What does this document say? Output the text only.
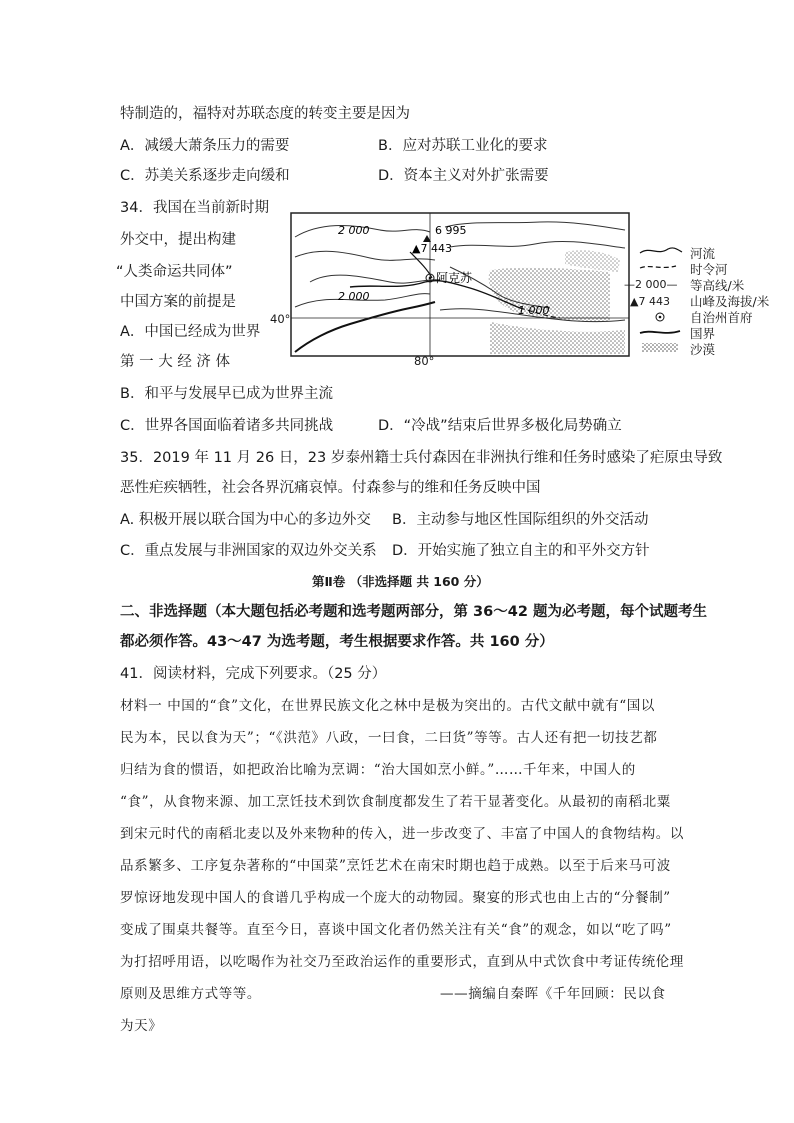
特制造的，福特对苏联态度的转变主要是因为
A．减缓大萧条压力的需要	B．应对苏联工业化的要求
C．苏美关系逐步走向缓和	D．资本主义对外扩张需要
34．我国在当前新时期
外交中，提出构建
“人类命运共同体”
中国方案的前提是
A．中国已经成为世界
第 一 大 经 济 体
6 995
▲7 443
阿克苏
2 000
2 000
1 000
40°
80°
—2 000—
▲7 443
河流
时令河
等高线/米
山峰及海拔/米
自治州首府
国界
沙漠
B．和平与发展早已成为世界主流
C．世界各国面临着诸多共同挑战	D．“冷战”结束后世界多极化局势确立
35．2019 年 11 月 26 日，23 岁泰州籍士兵付森因在非洲执行维和任务时感染了疟原虫导致
恶性疟疾牺牲，社会各界沉痛哀悼。付森参与的维和任务反映中国
A. 积极开展以联合国为中心的多边外交 B．主动参与地区性国际组织的外交活动
C．重点发展与非洲国家的双边外交关系 D．开始实施了独立自主的和平外交方针
第Ⅱ卷 （非选择题 共 160 分）
二、非选择题（本大题包括必考题和选考题两部分，第 36～42 题为必考题，每个试题考生
都必须作答。43～47 为选考题，考生根据要求作答。共 160 分）
41．阅读材料，完成下列要求。（25 分）
材料一 中国的“食”文化，在世界民族文化之林中是极为突出的。古代文献中就有“国以
民为本，民以食为天”；“《洪范》八政，一曰食，二曰货”等等。古人还有把一切技艺都
归结为食的惯语，如把政治比喻为烹调：“治大国如烹小鲜。”……千年来，中国人的
“食”，从食物来源、加工烹饪技术到饮食制度都发生了若干显著变化。从最初的南稻北粟
到宋元时代的南稻北麦以及外来物种的传入，进一步改变了、丰富了中国人的食物结构。以
品系繁多、工序复杂著称的“中国菜”烹饪艺术在南宋时期也趋于成熟。以至于后来马可波
罗惊讶地发现中国人的食谱几乎构成一个庞大的动物园。聚宴的形式也由上古的“分餐制”
变成了围桌共餐等。直至今日，喜谈中国文化者仍然关注有关“食”的观念，如以“吃了吗”
为打招呼用语，以吃喝作为社交乃至政治运作的重要形式，直到从中式饮食中考证传统伦理
原则及思维方式等等。	——摘编自秦晖《千年回顾：民以食
为天》
